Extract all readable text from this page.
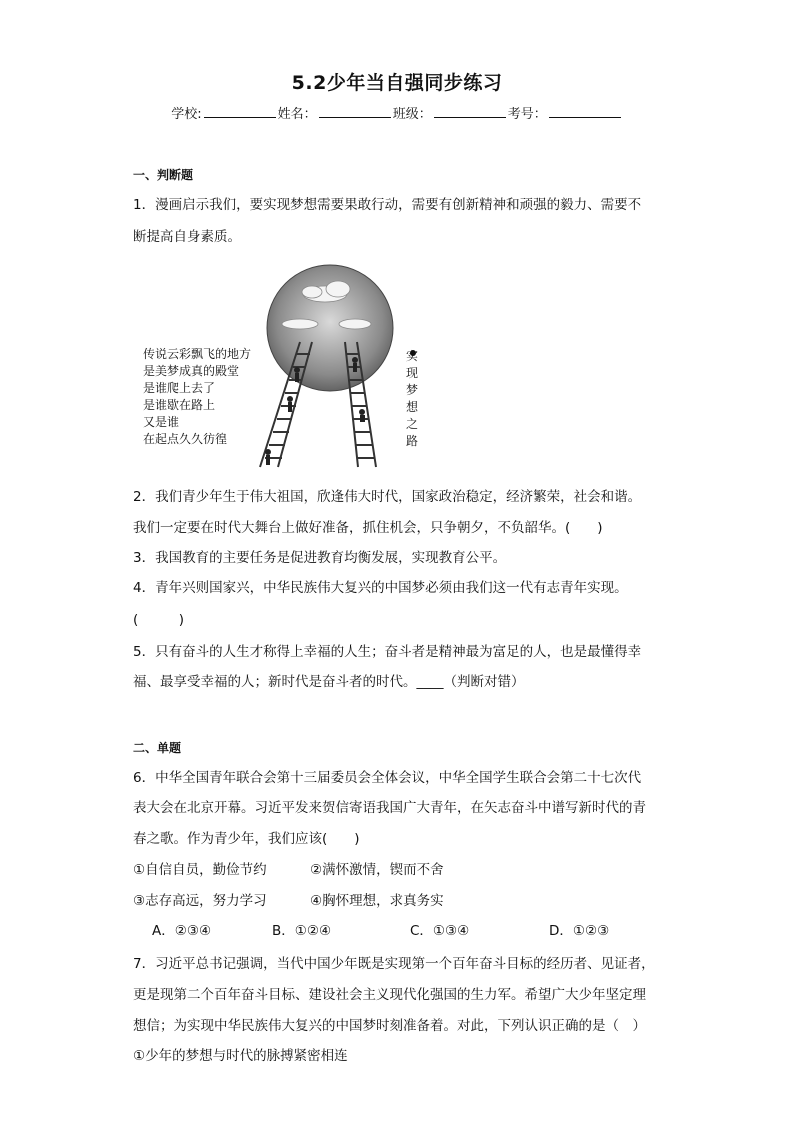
5.2少年当自强同步练习
学校:	姓名：	班级：	考号：
一、判断题
1．漫画启示我们，要实现梦想需要果敢行动，需要有创新精神和顽强的毅力、需要不
断提高自身素质。
传说云彩飘飞的地方
是美梦成真的殿堂
是谁爬上去了
是谁歇在路上
又是谁
在起点久久彷徨
实现梦想之路
2．我们青少年生于伟大祖国，欣逢伟大时代，国家政治稳定，经济繁荣，社会和谐。
我们一定要在时代大舞台上做好准备，抓住机会，只争朝夕，不负韶华。(　　)
3．我国教育的主要任务是促进教育均衡发展，实现教育公平。
4．青年兴则国家兴，中华民族伟大复兴的中国梦必须由我们这一代有志青年实现。
(　　　)
5．只有奋斗的人生才称得上幸福的人生；奋斗者是精神最为富足的人，也是最懂得幸
福、最享受幸福的人；新时代是奋斗者的时代。____（判断对错）
二、单题
6．中华全国青年联合会第十三届委员会全体会议，中华全国学生联合会第二十七次代
表大会在北京开幕。习近平发来贺信寄语我国广大青年，在矢志奋斗中谱写新时代的青
春之歌。作为青少年，我们应该(　　)
①自信自员，勤俭节约	②满怀激情，锲而不舍
③志存高远，努力学习	④胸怀理想，求真务实
A．②③④	B．①②④	C．①③④	D．①②③
7．习近平总书记强调，当代中国少年既是实现第一个百年奋斗目标的经历者、见证者，
更是现第二个百年奋斗目标、建设社会主义现代化强国的生力军。希望广大少年坚定理
想信；为实现中华民族伟大复兴的中国梦时刻准备着。对此，下列认识正确的是（　）
①少年的梦想与时代的脉搏紧密相连
